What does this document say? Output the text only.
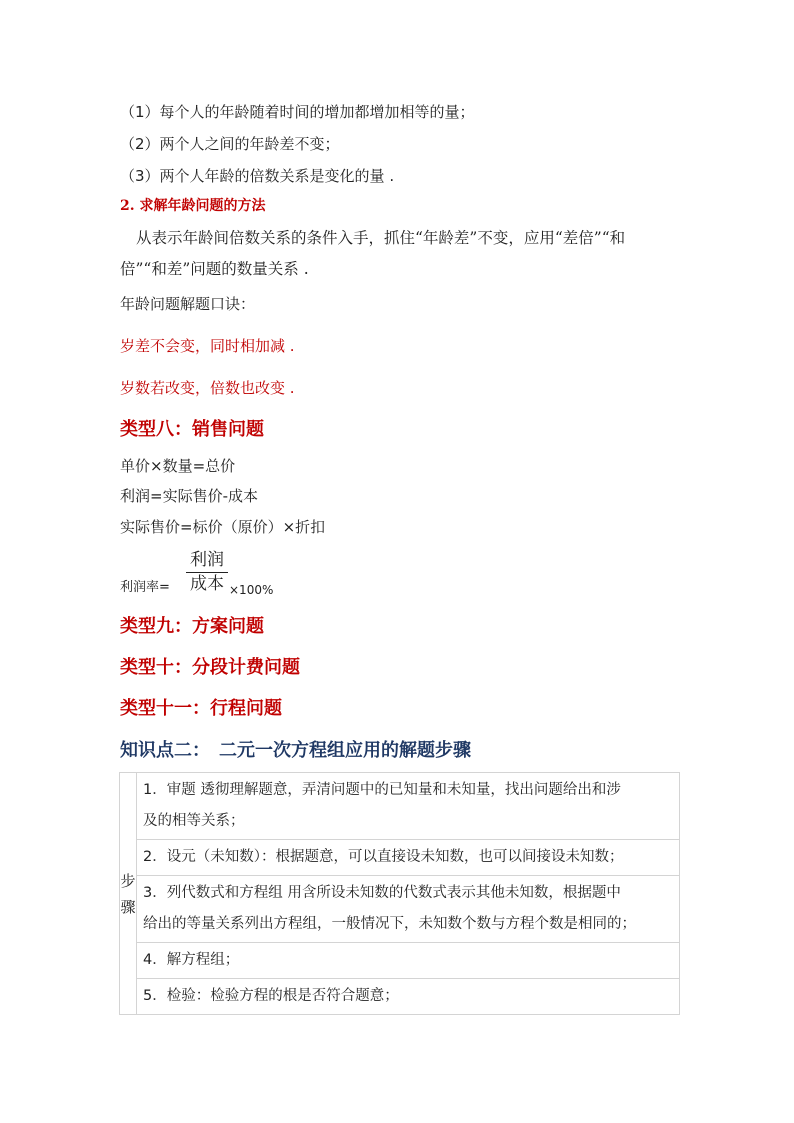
（1）每个人的年龄随着时间的增加都增加相等的量；
（2）两个人之间的年龄差不变；
（3）两个人年龄的倍数关系是变化的量 .
2. 求解年龄问题的方法
从表示年龄间倍数关系的条件入手，抓住“年龄差”不变，应用“差倍”“和
倍”“和差”问题的数量关系 .
年龄问题解题口诀：
岁差不会变，同时相加减 .
岁数若改变，倍数也改变 .
类型八：销售问题
单价×数量=总价
利润=实际售价-成本
实际售价=标价（原价）×折扣
利润率=
利润
成本 ×100%
类型九：方案问题
类型十：分段计费问题
类型十一：行程问题
知识点二：　二元一次方程组应用的解题步骤
步
骤	1．审题 透彻理解题意，弄清问题中的已知量和未知量，找出问题给出和涉
及的相等关系；
2．设元（未知数）：根据题意，可以直接设未知数，也可以间接设未知数；
3．列代数式和方程组 用含所设未知数的代数式表示其他未知数，根据题中
给出的等量关系列出方程组，一般情况下，未知数个数与方程个数是相同的；
4．解方程组；
5．检验：检验方程的根是否符合题意；
